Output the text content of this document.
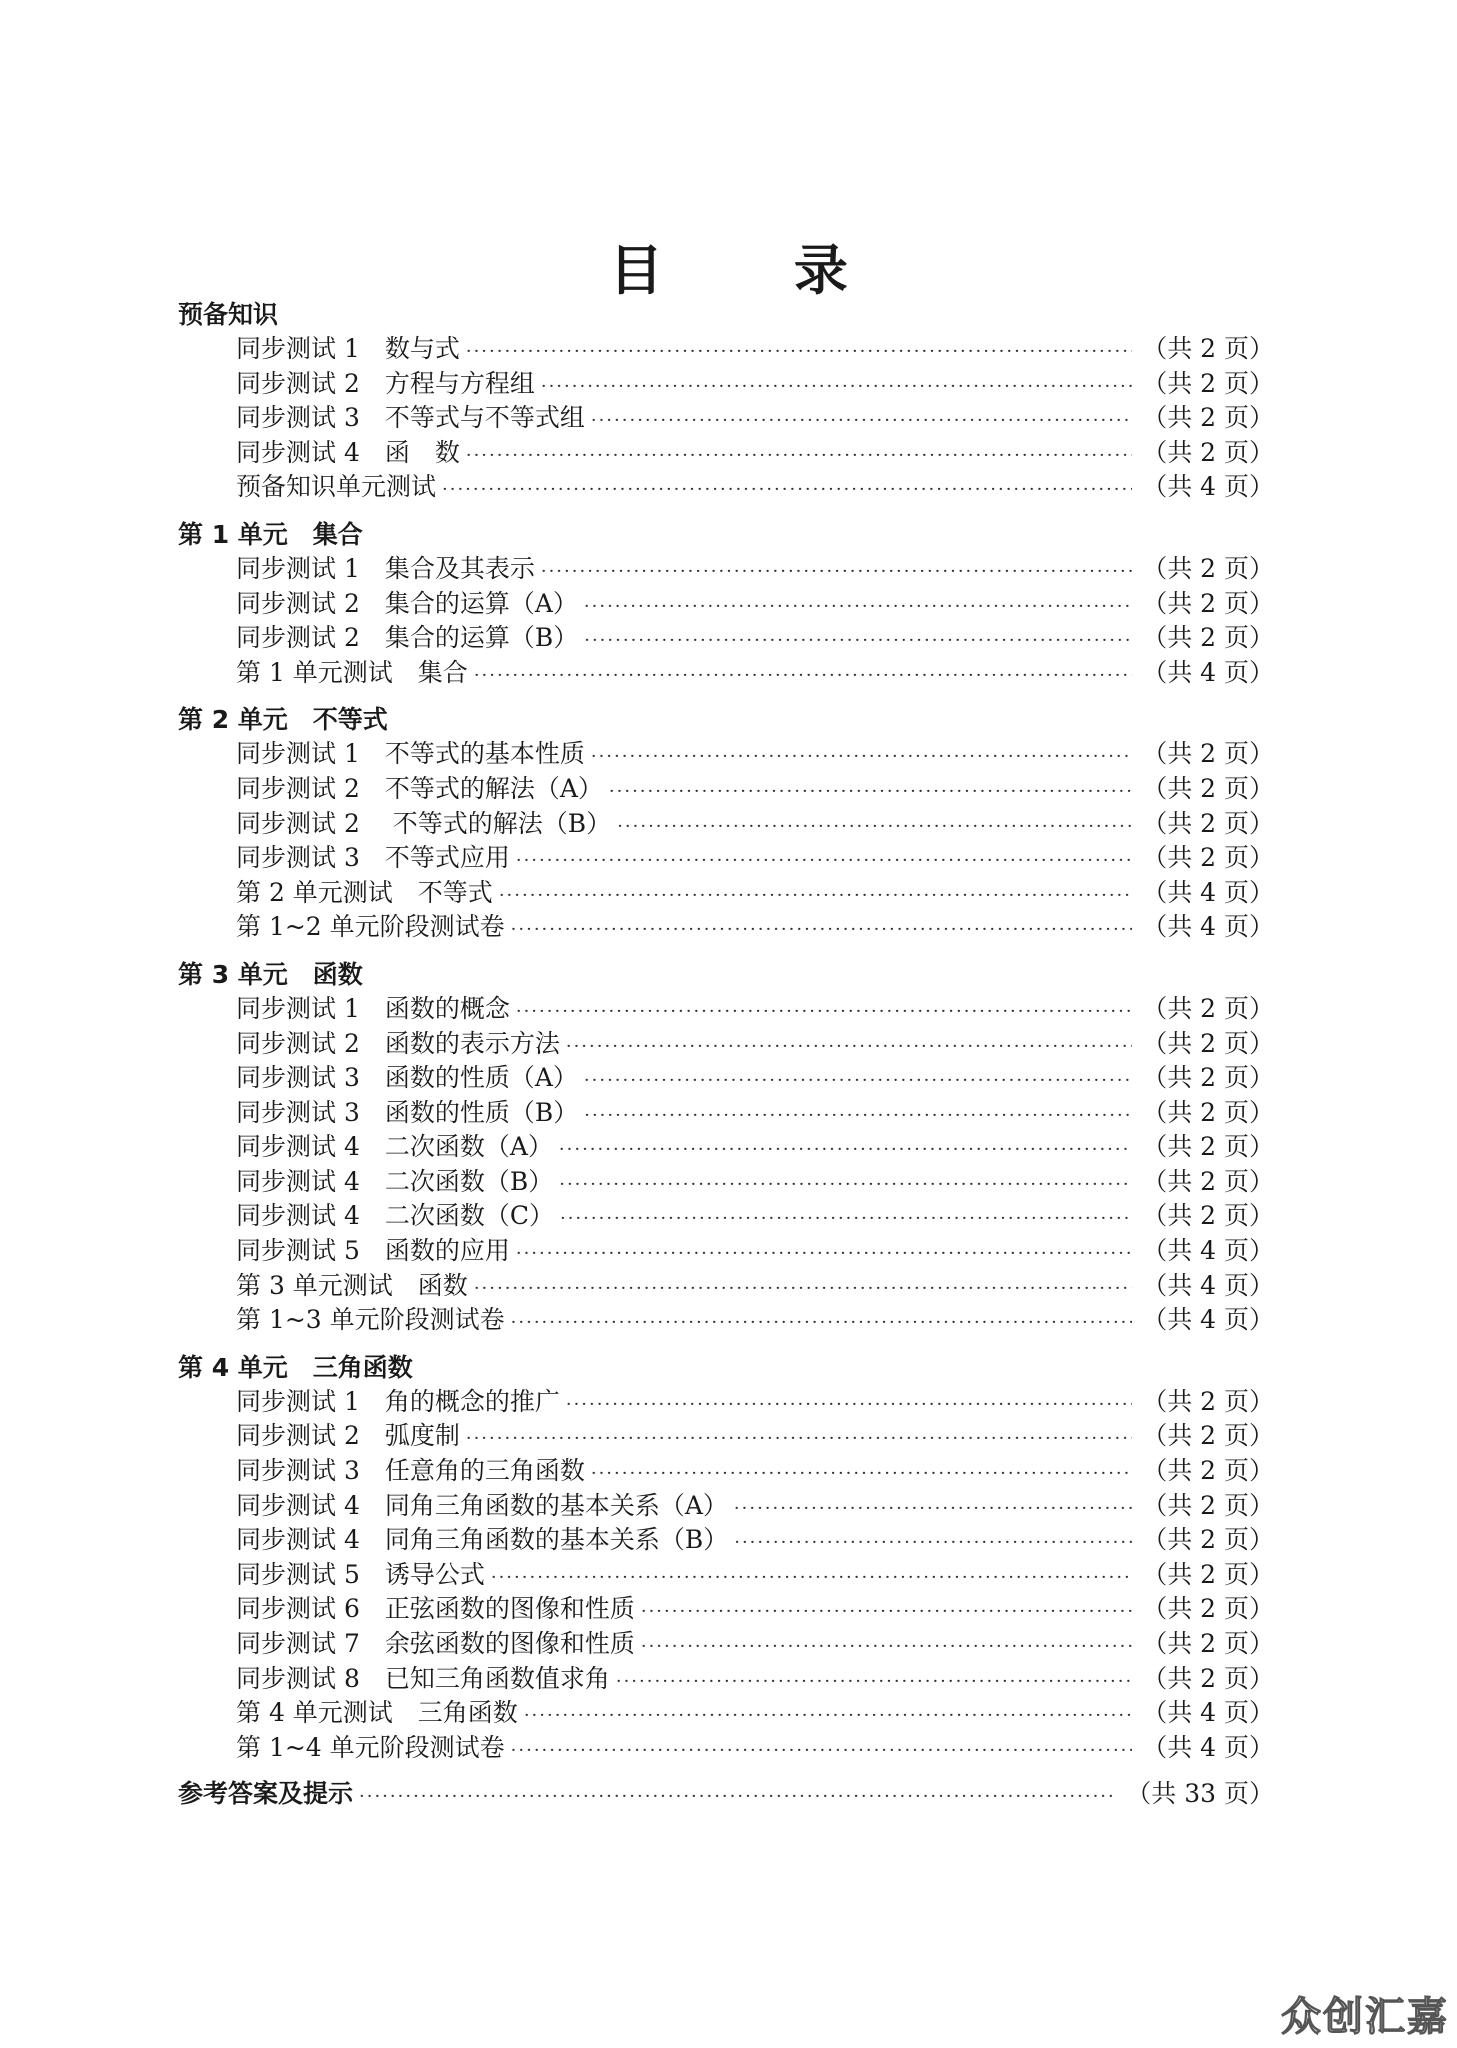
目 录
预备知识
同步测试 1　数与式 ·····	（共 2 页）
同步测试 2　方程与方程组 ·····	（共 2 页）
同步测试 3　不等式与不等式组 ·····	（共 2 页）
同步测试 4　函　数 ·····	（共 2 页）
预备知识单元测试 ·····	（共 4 页）
第 1 单元　集合
同步测试 1　集合及其表示 ·····	（共 2 页）
同步测试 2　集合的运算（A） ·····	（共 2 页）
同步测试 2　集合的运算（B） ·····	（共 2 页）
第 1 单元测试　集合 ·····	（共 4 页）
第 2 单元　不等式
同步测试 1　不等式的基本性质 ·····	（共 2 页）
同步测试 2　不等式的解法（A） ·····	（共 2 页）
同步测试 2　 不等式的解法（B） ·····	（共 2 页）
同步测试 3　不等式应用 ·····	（共 2 页）
第 2 单元测试　不等式 ·····	（共 4 页）
第 1~2 单元阶段测试卷 ·····	（共 4 页）
第 3 单元　函数
同步测试 1　函数的概念 ·····	（共 2 页）
同步测试 2　函数的表示方法 ·····	（共 2 页）
同步测试 3　函数的性质（A） ·····	（共 2 页）
同步测试 3　函数的性质（B） ·····	（共 2 页）
同步测试 4　二次函数（A） ·····	（共 2 页）
同步测试 4　二次函数（B） ·····	（共 2 页）
同步测试 4　二次函数（C） ·····	（共 2 页）
同步测试 5　函数的应用 ·····	（共 4 页）
第 3 单元测试　函数 ·····	（共 4 页）
第 1~3 单元阶段测试卷 ·····	（共 4 页）
第 4 单元　三角函数
同步测试 1　角的概念的推广 ·····	（共 2 页）
同步测试 2　弧度制 ·····	（共 2 页）
同步测试 3　任意角的三角函数 ·····	（共 2 页）
同步测试 4　同角三角函数的基本关系（A） ·····	（共 2 页）
同步测试 4　同角三角函数的基本关系（B） ·····	（共 2 页）
同步测试 5　诱导公式 ·····	（共 2 页）
同步测试 6　正弦函数的图像和性质 ·····	（共 2 页）
同步测试 7　余弦函数的图像和性质 ·····	（共 2 页）
同步测试 8　已知三角函数值求角 ·····	（共 2 页）
第 4 单元测试　三角函数 ·····	（共 4 页）
第 1~4 单元阶段测试卷 ·····	（共 4 页）
参考答案及提示 ·····	（共 33 页）
众创汇嘉
